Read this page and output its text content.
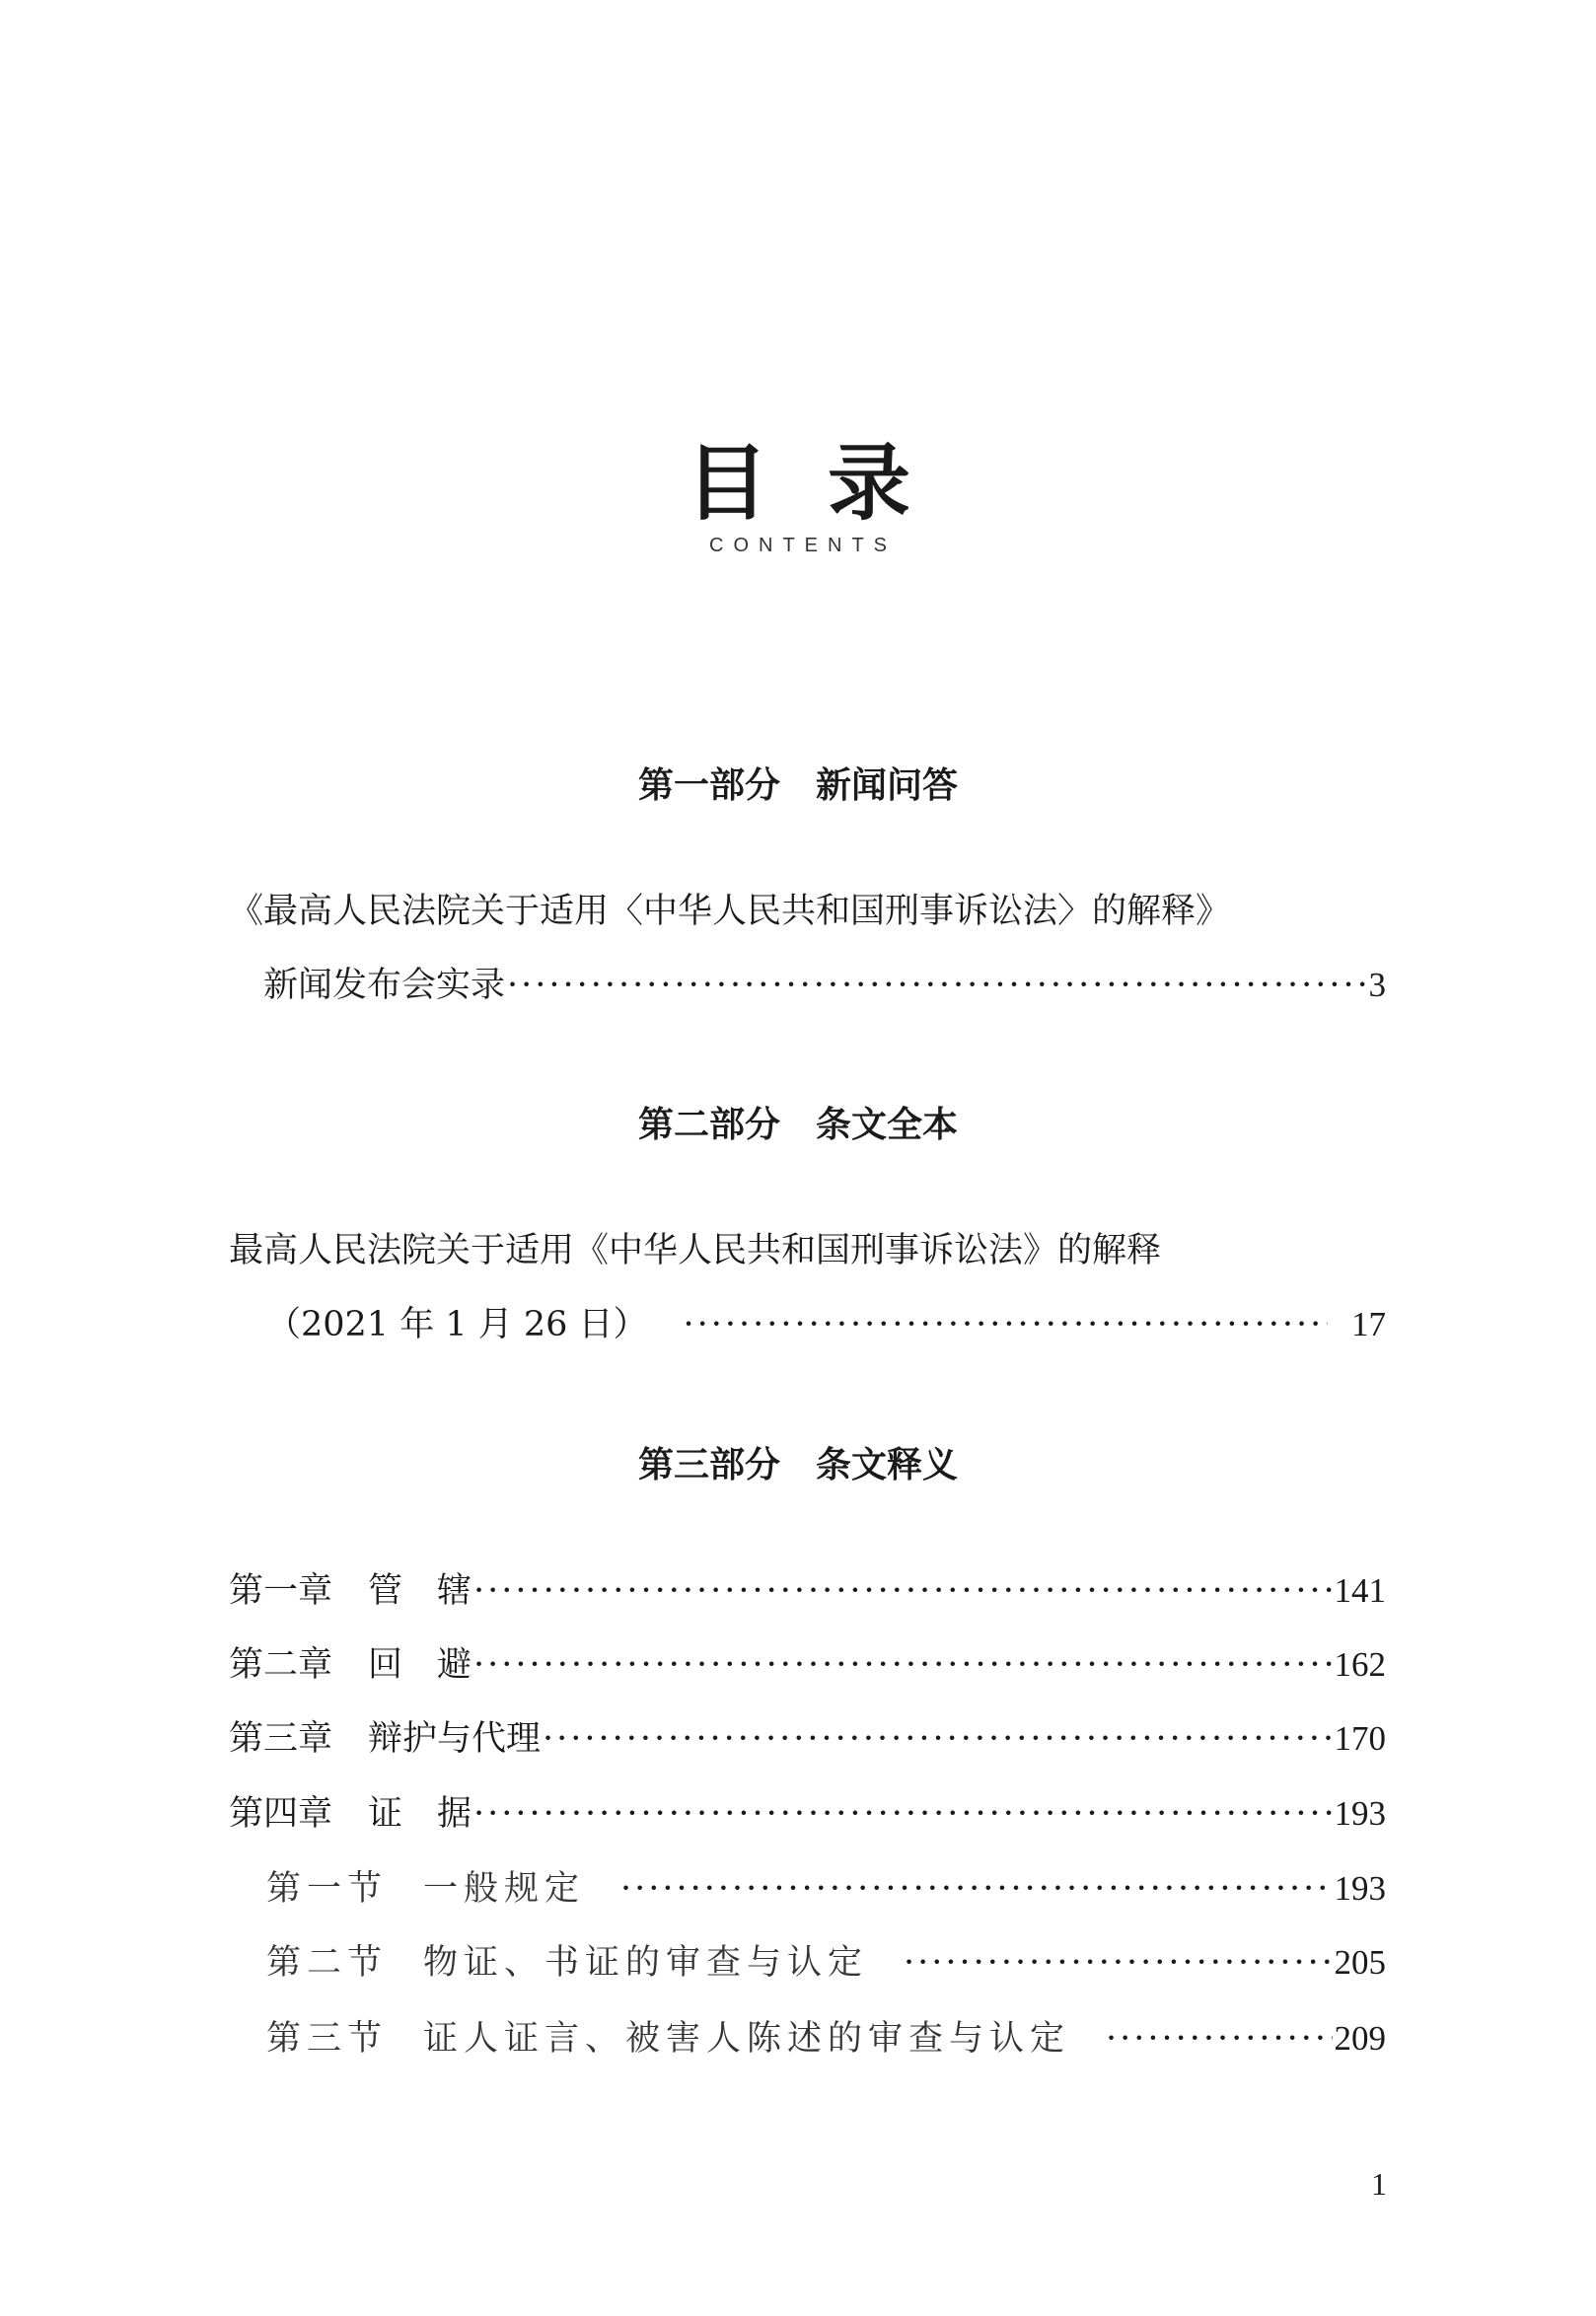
目录
CONTENTS
第一部分　新闻问答
《最高人民法院关于适用〈中华人民共和国刑事诉讼法〉的解释》
新闻发布会实录 ·····	3
第二部分　条文全本
最高人民法院关于适用《中华人民共和国刑事诉讼法》的解释
（2021 年 1 月 26 日） ·····	17
第三部分　条文释义
第一章 管　辖 ·····	141
第二章 回　避 ·····	162
第三章 辩护与代理 ·····	170
第四章 证　据 ·····	193
第一节 一般规定 ·····	193
第二节 物证、书证的审查与认定 ·····	205
第三节 证人证言、被害人陈述的审查与认定 ·····	209
1
